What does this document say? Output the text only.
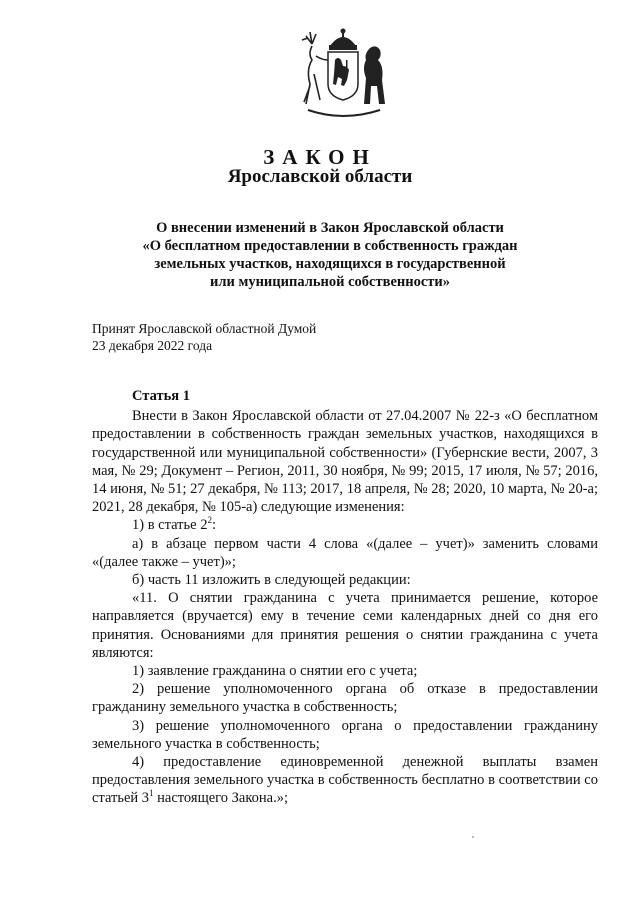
ЗАКОН
Ярославской области
О внесении изменений в Закон Ярославской области
«О бесплатном предоставлении в собственность граждан
земельных участков, находящихся в государственной
или муниципальной собственности»
Принят Ярославской областной Думой
23 декабря 2022 года
Статья 1

Внести в Закон Ярославской области от 27.04.2007 № 22-з «О бесплатном предоставлении в собственность граждан земельных участков, находящихся в государственной или муниципальной собственности» (Губернские вести, 2007, 3 мая, № 29; Документ – Регион, 2011, 30 ноября, № 99; 2015, 17 июля, № 57; 2016, 14 июня, № 51; 27 декабря, № 113; 2017, 18 апреля, № 28; 2020, 10 марта, № 20-а; 2021, 28 декабря, № 105-а) следующие изменения:

1) в статье $2^2$:

а) в абзаце первом части 4 слова «(далее – учет)» заменить словами «(далее также – учет)»;

б) часть 11 изложить в следующей редакции:

«11. О снятии гражданина с учета принимается решение, которое направляется (вручается) ему в течение семи календарных дней со дня его принятия. Основаниями для принятия решения о снятии гражданина с учета являются:

1) заявление гражданина о снятии его с учета;

2) решение уполномоченного органа об отказе в предоставлении гражданину земельного участка в собственность;

3) решение уполномоченного органа о предоставлении гражданину земельного участка в собственность;

4) предоставление единовременной денежной выплаты взамен предоставления земельного участка в собственность бесплатно в соответствии со статьей $3^1$ настоящего Закона.»;
